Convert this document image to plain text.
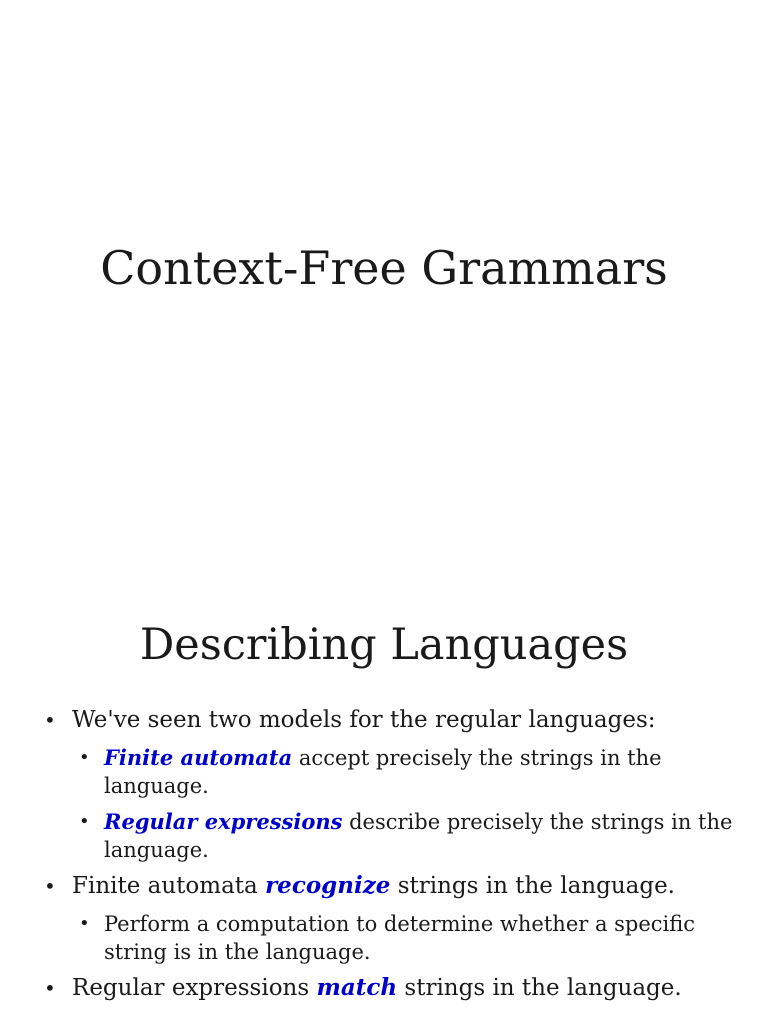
Context-Free Grammars
Describing Languages
• We've seen two models for the regular languages:
• Finite automata accept precisely the strings in the language.
• Regular expressions describe precisely the strings in the language.
• Finite automata recognize strings in the language.
• Perform a computation to determine whether a specific string is in the language.
• Regular expressions match strings in the language.
